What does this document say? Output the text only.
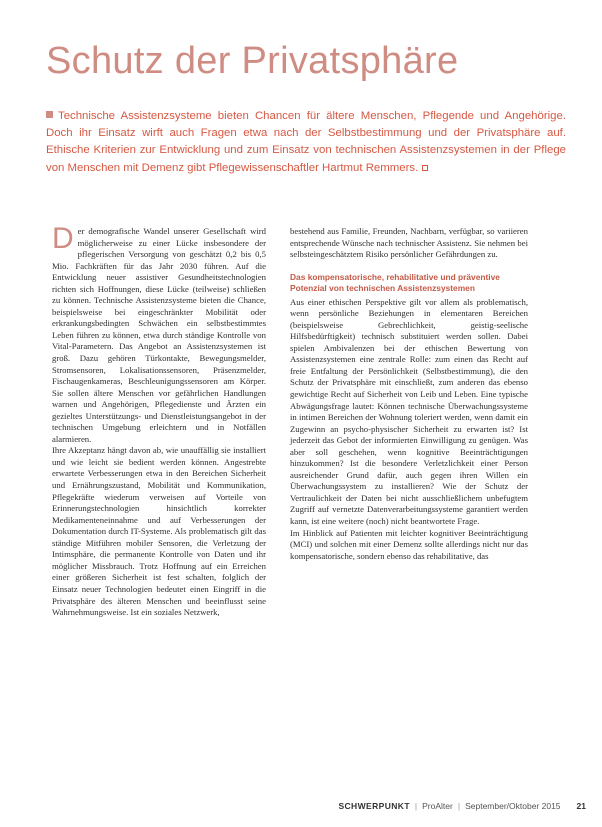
Schutz der Privatsphäre
Technische Assistenzsysteme bieten Chancen für ältere Menschen, Pflegende und Angehörige. Doch ihr Einsatz wirft auch Fragen etwa nach der Selbstbestimmung und der Privatsphäre auf. Ethische Kriterien zur Entwicklung und zum Einsatz von technischen Assistenzsystemen in der Pflege von Menschen mit Demenz gibt Pflegewissenschaftler Hartmut Remmers.

Der demografische Wandel unserer Gesellschaft wird möglicherweise zu einer Lücke insbesondere der pflegerischen Versorgung von geschätzt 0,2 bis 0,5 Mio. Fachkräften für das Jahr 2030 führen. Auf die Entwicklung neuer assistiver Gesundheitstechnologien richten sich Hoffnungen, diese Lücke (teilweise) schließen zu können. Technische Assistenzsysteme bieten die Chance, beispielsweise bei eingeschränkter Mobilität oder erkrankungsbedingten Schwächen ein selbstbestimmtes Leben führen zu können, etwa durch ständige Kontrolle von Vital-Parametern. Das Angebot an Assistenzsystemen ist groß. Dazu gehören Türkontakte, Bewegungsmelder, Stromsensoren, Lokalisationssensoren, Präsenzmelder, Fischaugenkameras, Beschleunigungssensoren am Körper. Sie sollen ältere Menschen vor gefährlichen Handlungen warnen und Angehörigen, Pflegedienste und Ärzten ein gezieltes Unterstützungs- und Dienstleistungsangebot in der technischen Umgebung erleichtern und in Notfällen alarmieren.

Ihre Akzeptanz hängt davon ab, wie unauffällig sie installiert und wie leicht sie bedient werden können. Angestrebte erwartete Verbesserungen etwa in den Bereichen Sicherheit und Ernährungszustand, Mobilität und Kommunikation, Pflegekräfte wiederum verweisen auf Vorteile von Erinnerungstechnologien hinsichtlich korrekter Medikamenteneinnahme und auf Verbesserungen der Dokumentation durch IT-Systeme. Als problematisch gilt das ständige Mitführen mobiler Sensoren, die Verletzung der Intimsphäre, die permanente Kontrolle von Daten und ihr möglicher Missbrauch. Trotz Hoffnung auf ein Erreichen einer größeren Sicherheit ist fest schalten, folglich der Einsatz neuer Technologien bedeutet einen Eingriff in die Privatsphäre des älteren Menschen und beeinflusst seine Wahrnehmungsweise. Ist ein soziales Netzwerk,

bestehend aus Familie, Freunden, Nachbarn, verfügbar, so variieren entsprechende Wünsche nach technischer Assistenz. Sie nehmen bei selbsteingeschätztem Risiko persönlicher Gefährdungen zu.

Das kompensatorische, rehabilitative und präventive Potenzial von technischen Assistenzsystemen

Aus einer ethischen Perspektive gilt vor allem als problematisch, wenn persönliche Beziehungen in elementaren Bereichen (beispielsweise Gebrechlichkeit, geistig-seelische Hilfsbedürftigkeit) technisch substituiert werden sollen. Dabei spielen Ambivalenzen bei der ethischen Bewertung von Assistenzsystemen eine zentrale Rolle: zum einen das Recht auf freie Entfaltung der Persönlichkeit (Selbstbestimmung), die den Schutz der Privatsphäre mit einschließt, zum anderen das ebenso gewichtige Recht auf Sicherheit von Leib und Leben. Eine typische Abwägungsfrage lautet: Können technische Überwachungssysteme in intimen Bereichen der Wohnung toleriert werden, wenn damit ein Zugewinn an psycho-physischer Sicherheit zu erwarten ist? Ist jederzeit das Gebot der informierten Einwilligung zu genügen. Was aber soll geschehen, wenn kognitive Beeinträchtigungen hinzukommen? Ist die besondere Verletzlichkeit einer Person ausreichender Grund dafür, auch gegen ihren Willen ein Überwachungssystem zu installieren? Wie der Schutz der Vertraulichkeit der Daten bei nicht ausschließlichem unbefugtem Zugriff auf vernetzte Datenverarbeitungssysteme garantiert werden kann, ist eine weitere (noch) nicht beantwortete Frage.

Im Hinblick auf Patienten mit leichter kognitiver Beeinträchtigung (MCI) und solchen mit einer Demenz sollte allerdings nicht nur das kompensatorische, sondern ebenso das rehabilitative, das

SCHWERPUNKT | ProAlter | September/Oktober 2015 21
